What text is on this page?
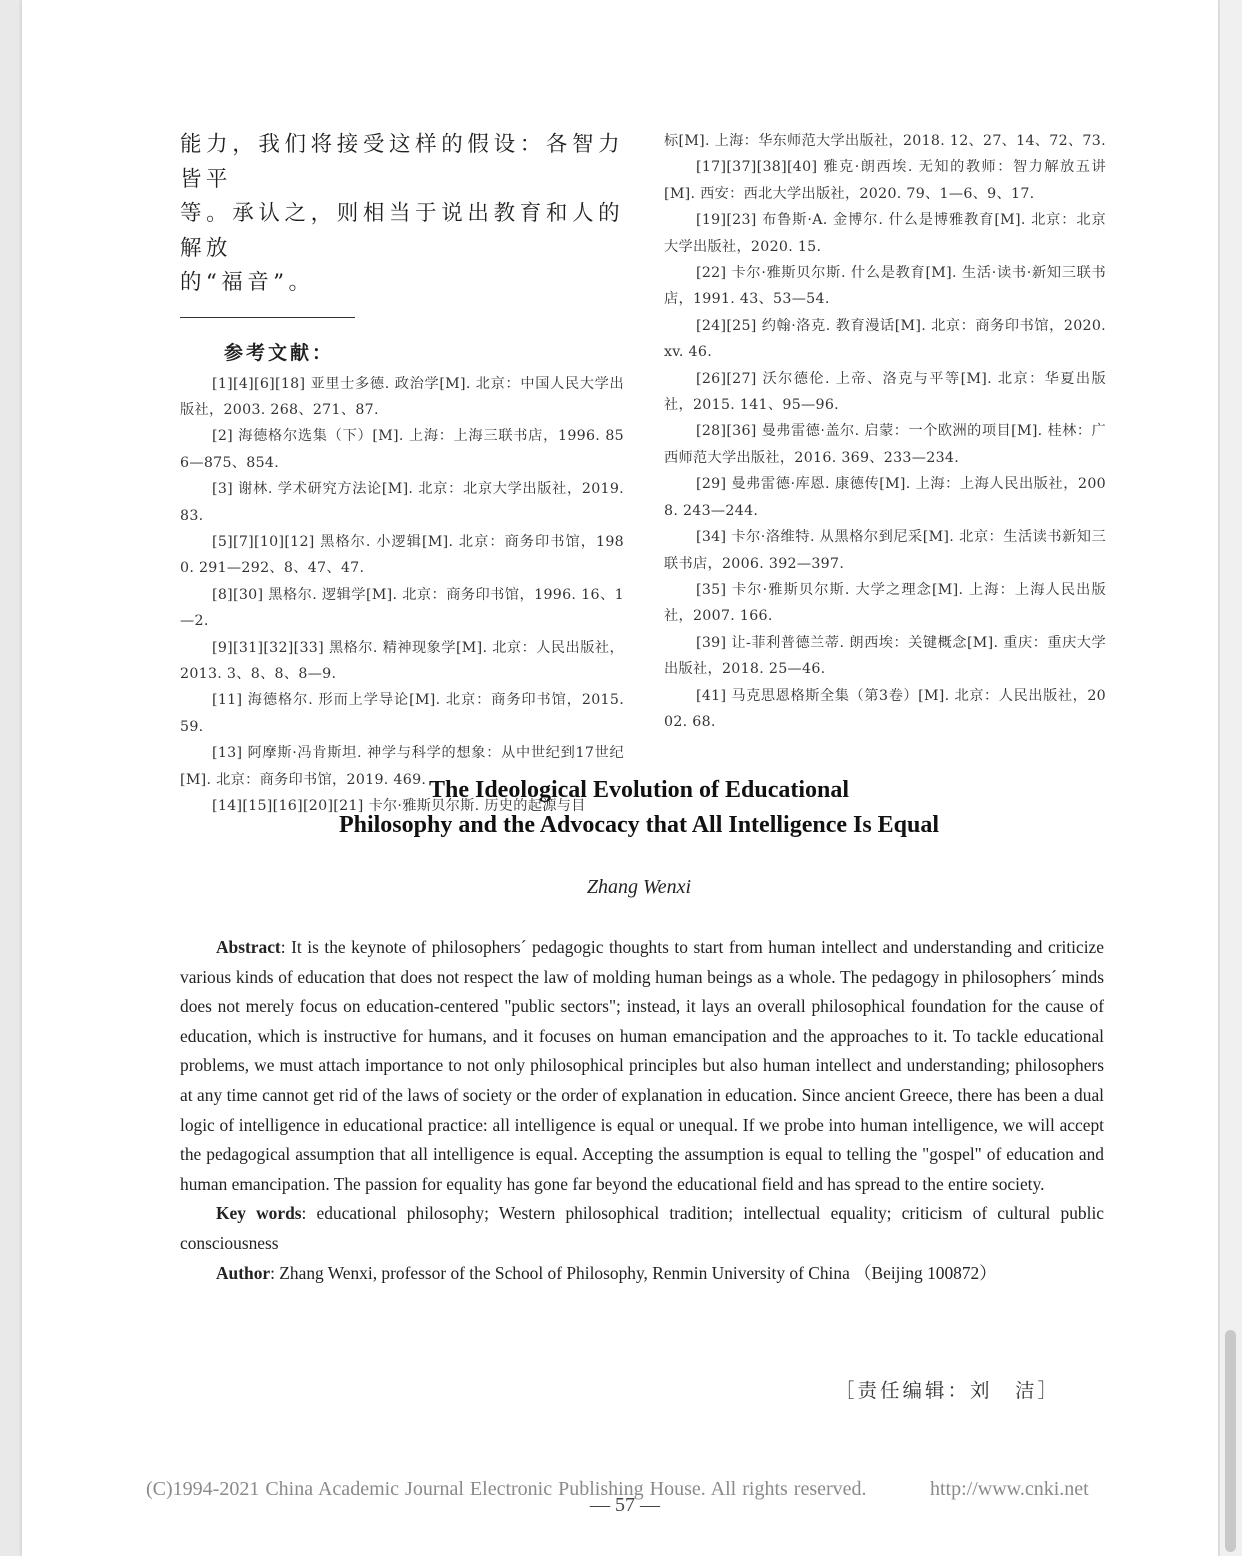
能力，我们将接受这样的假设：各智力皆平

等。承认之，则相当于说出教育和人的解放

的“福音”。

参考文献：

[1][4][6][18] 亚里士多德. 政治学[M]. 北京：中国人民大学出版社，2003. 268、271、87.

[2] 海德格尔选集（下）[M]. 上海：上海三联书店，1996. 856—875、854.

[3] 谢林. 学术研究方法论[M]. 北京：北京大学出版社，2019. 83.

[5][7][10][12] 黑格尔. 小逻辑[M]. 北京：商务印书馆，1980. 291—292、8、47、47.

[8][30] 黑格尔. 逻辑学[M]. 北京：商务印书馆，1996. 16、1—2.

[9][31][32][33] 黑格尔. 精神现象学[M]. 北京：人民出版社，2013. 3、8、8、8—9.

[11] 海德格尔. 形而上学导论[M]. 北京：商务印书馆，2015. 59.

[13] 阿摩斯·冯肯斯坦. 神学与科学的想象：从中世纪到17世纪[M]. 北京：商务印书馆，2019. 469.

[14][15][16][20][21] 卡尔·雅斯贝尔斯. 历史的起源与目

标[M]. 上海：华东师范大学出版社，2018. 12、27、14、72、73.

[17][37][38][40] 雅克·朗西埃. 无知的教师：智力解放五讲[M]. 西安：西北大学出版社，2020. 79、1—6、9、17.

[19][23] 布鲁斯·A. 金博尔. 什么是博雅教育[M]. 北京：北京大学出版社，2020. 15.

[22] 卡尔·雅斯贝尔斯. 什么是教育[M]. 生活·读书·新知三联书店，1991. 43、53—54.

[24][25] 约翰·洛克. 教育漫话[M]. 北京：商务印书馆，2020. xv. 46.

[26][27] 沃尔德伦. 上帝、洛克与平等[M]. 北京：华夏出版社，2015. 141、95—96.

[28][36] 曼弗雷德·盖尔. 启蒙：一个欧洲的项目[M]. 桂林：广西师范大学出版社，2016. 369、233—234.

[29] 曼弗雷德·库恩. 康德传[M]. 上海：上海人民出版社，2008. 243—244.

[34] 卡尔·洛维特. 从黑格尔到尼采[M]. 北京：生活读书新知三联书店，2006. 392—397.

[35] 卡尔·雅斯贝尔斯. 大学之理念[M]. 上海：上海人民出版社，2007. 166.

[39] 让-菲利普德兰蒂. 朗西埃：关键概念[M]. 重庆：重庆大学出版社，2018. 25—46.

[41] 马克思恩格斯全集（第3卷）[M]. 北京：人民出版社，2002. 68.

The Ideological Evolution of Educational
Philosophy and the Advocacy that All Intelligence Is Equal
Zhang Wenxi

Abstract: It is the keynote of philosophers´ pedagogic thoughts to start from human intellect and understanding and criticize various kinds of education that does not respect the law of molding human beings as a whole. The pedagogy in philosophers´ minds does not merely focus on education-centered "public sectors"; instead, it lays an overall philosophical foundation for the cause of education, which is instructive for humans, and it focuses on human emancipation and the approaches to it. To tackle educational problems, we must attach importance to not only philosophical principles but also human intellect and understanding; philosophers at any time cannot get rid of the laws of society or the order of explanation in education. Since ancient Greece, there has been a dual logic of intelligence in educational practice: all intelligence is equal or unequal. If we probe into human intelligence, we will accept the pedagogical assumption that all intelligence is equal. Accepting the assumption is equal to telling the "gospel" of education and human emancipation. The passion for equality has gone far beyond the educational field and has spread to the entire society.

Key words: educational philosophy; Western philosophical tradition; intellectual equality; criticism of cultural public consciousness

Author: Zhang Wenxi, professor of the School of Philosophy, Renmin University of China （Beijing 100872）

［责任编辑：刘　洁］
(C)1994-2021 China Academic Journal Electronic Publishing House. All rights reserved.	http://www.cnki.net
— 57 —
